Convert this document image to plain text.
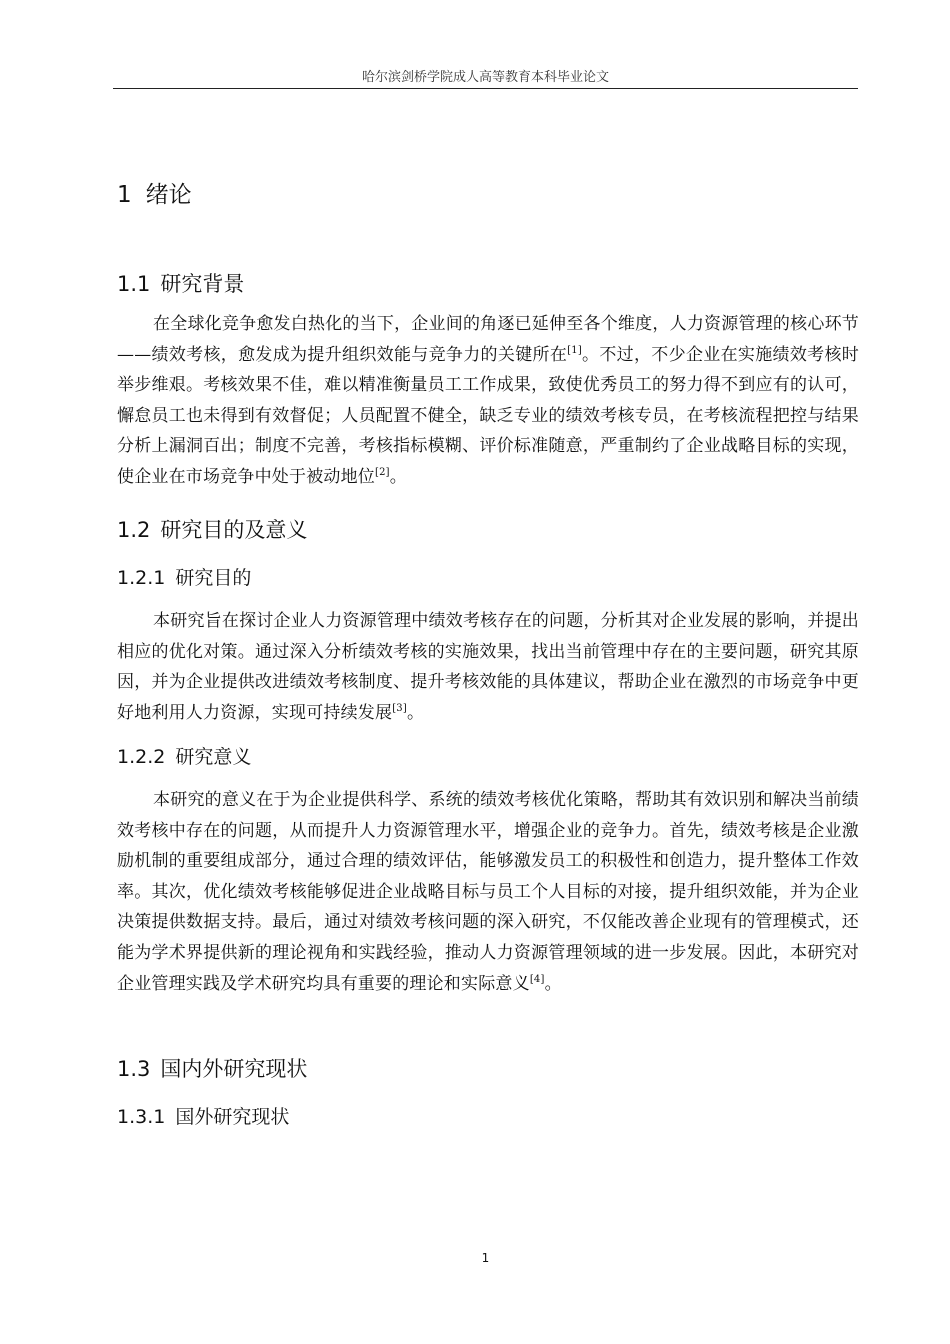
哈尔滨剑桥学院成人高等教育本科毕业论文
1 绪论
1.1 研究背景

在全球化竞争愈发白热化的当下，企业间的角逐已延伸至各个维度，人力资源管理的核心环节——绩效考核，愈发成为提升组织效能与竞争力的关键所在[1]。不过，不少企业在实施绩效考核时举步维艰。考核效果不佳，难以精准衡量员工工作成果，致使优秀员工的努力得不到应有的认可，懈怠员工也未得到有效督促；人员配置不健全，缺乏专业的绩效考核专员，在考核流程把控与结果分析上漏洞百出；制度不完善，考核指标模糊、评价标准随意，严重制约了企业战略目标的实现，使企业在市场竞争中处于被动地位[2]。

1.2 研究目的及意义
1.2.1 研究目的

本研究旨在探讨企业人力资源管理中绩效考核存在的问题，分析其对企业发展的影响，并提出相应的优化对策。通过深入分析绩效考核的实施效果，找出当前管理中存在的主要问题，研究其原因，并为企业提供改进绩效考核制度、提升考核效能的具体建议，帮助企业在激烈的市场竞争中更好地利用人力资源，实现可持续发展[3]。

1.2.2 研究意义

本研究的意义在于为企业提供科学、系统的绩效考核优化策略，帮助其有效识别和解决当前绩效考核中存在的问题，从而提升人力资源管理水平，增强企业的竞争力。首先，绩效考核是企业激励机制的重要组成部分，通过合理的绩效评估，能够激发员工的积极性和创造力，提升整体工作效率。其次，优化绩效考核能够促进企业战略目标与员工个人目标的对接，提升组织效能，并为企业决策提供数据支持。最后，通过对绩效考核问题的深入研究，不仅能改善企业现有的管理模式，还能为学术界提供新的理论视角和实践经验，推动人力资源管理领域的进一步发展。因此，本研究对企业管理实践及学术研究均具有重要的理论和实际意义[4]。

1.3 国内外研究现状
1.3.1 国外研究现状
1
